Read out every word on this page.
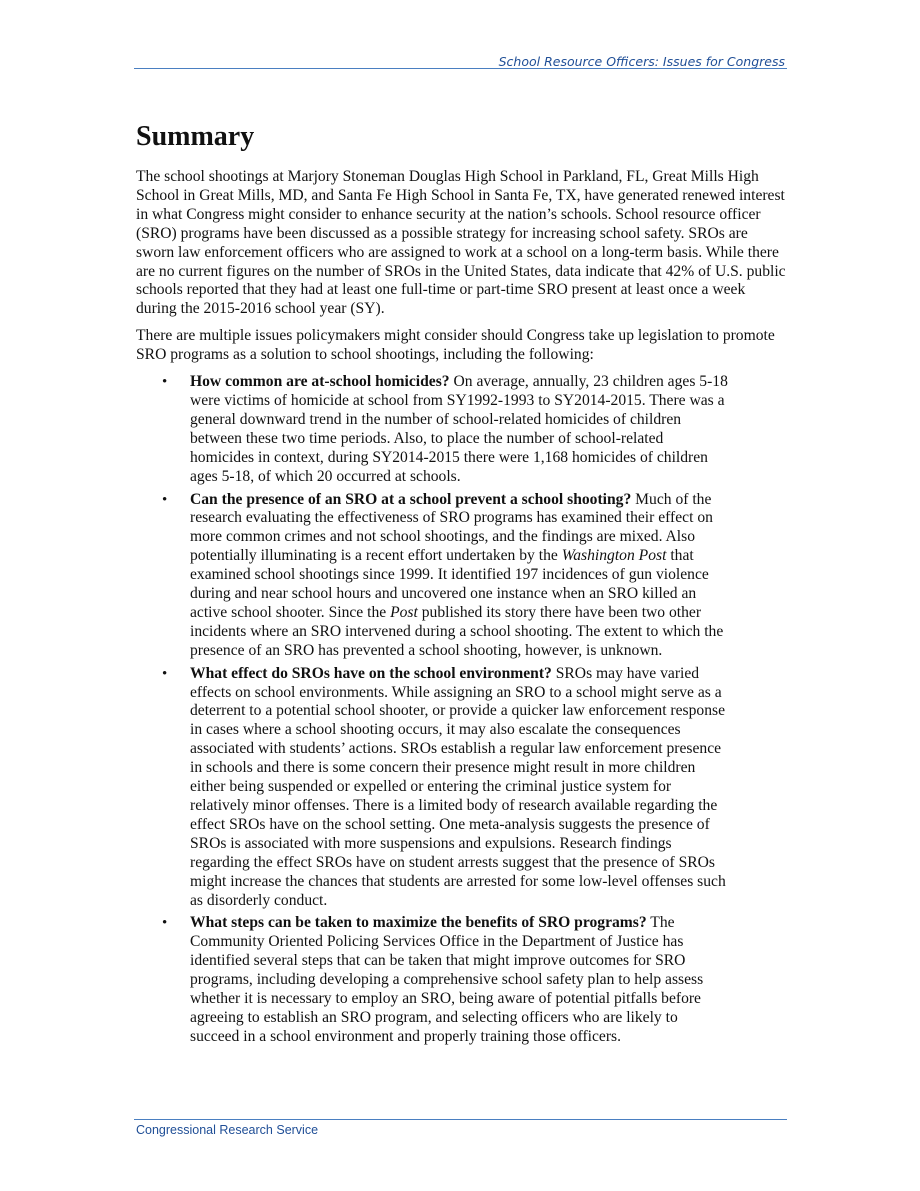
School Resource Officers: Issues for Congress
Summary

The school shootings at Marjory Stoneman Douglas High School in Parkland, FL, Great Mills High School in Great Mills, MD, and Santa Fe High School in Santa Fe, TX, have generated renewed interest in what Congress might consider to enhance security at the nation’s schools. School resource officer (SRO) programs have been discussed as a possible strategy for increasing school safety. SROs are sworn law enforcement officers who are assigned to work at a school on a long-term basis. While there are no current figures on the number of SROs in the United States, data indicate that 42% of U.S. public schools reported that they had at least one full-time or part-time SRO present at least once a week during the 2015-2016 school year (SY).

There are multiple issues policymakers might consider should Congress take up legislation to promote SRO programs as a solution to school shootings, including the following:

• How common are at-school homicides? On average, annually, 23 children ages 5-18 were victims of homicide at school from SY1992-1993 to SY2014-2015. There was a general downward trend in the number of school-related homicides of children between these two time periods. Also, to place the number of school-related homicides in context, during SY2014-2015 there were 1,168 homicides of children ages 5-18, of which 20 occurred at schools.
• Can the presence of an SRO at a school prevent a school shooting? Much of the research evaluating the effectiveness of SRO programs has examined their effect on more common crimes and not school shootings, and the findings are mixed. Also potentially illuminating is a recent effort undertaken by the Washington Post that examined school shootings since 1999. It identified 197 incidences of gun violence during and near school hours and uncovered one instance when an SRO killed an active school shooter. Since the Post published its story there have been two other incidents where an SRO intervened during a school shooting. The extent to which the presence of an SRO has prevented a school shooting, however, is unknown.
• What effect do SROs have on the school environment? SROs may have varied effects on school environments. While assigning an SRO to a school might serve as a deterrent to a potential school shooter, or provide a quicker law enforcement response in cases where a school shooting occurs, it may also escalate the consequences associated with students’ actions. SROs establish a regular law enforcement presence in schools and there is some concern their presence might result in more children either being suspended or expelled or entering the criminal justice system for relatively minor offenses. There is a limited body of research available regarding the effect SROs have on the school setting. One meta-analysis suggests the presence of SROs is associated with more suspensions and expulsions. Research findings regarding the effect SROs have on student arrests suggest that the presence of SROs might increase the chances that students are arrested for some low-level offenses such as disorderly conduct.
• What steps can be taken to maximize the benefits of SRO programs? The Community Oriented Policing Services Office in the Department of Justice has identified several steps that can be taken that might improve outcomes for SRO programs, including developing a comprehensive school safety plan to help assess whether it is necessary to employ an SRO, being aware of potential pitfalls before agreeing to establish an SRO program, and selecting officers who are likely to succeed in a school environment and properly training those officers.
Congressional Research Service
